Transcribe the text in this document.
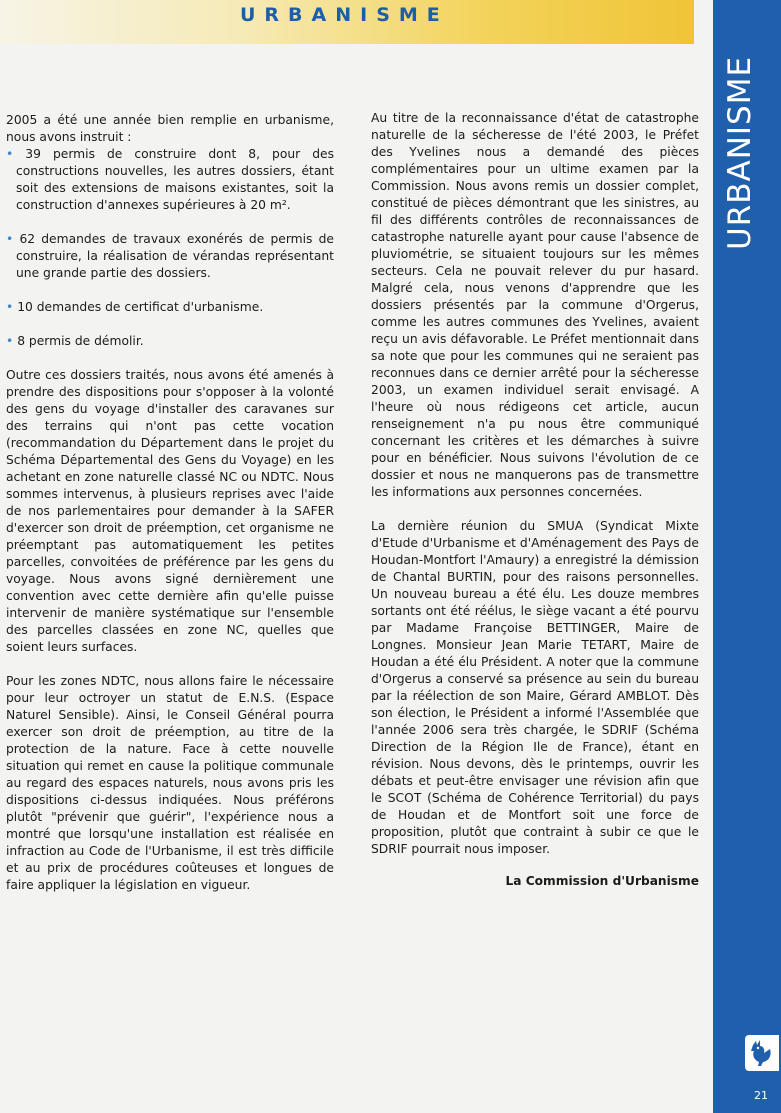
URBANISME
URBANISME
21

2005 a été une année bien remplie en urbanisme, nous avons instruit :

• 39 permis de construire dont 8, pour des constructions nouvelles, les autres dossiers, étant soit des extensions de maisons existantes, soit la construction d'annexes supérieures à 20 m².

• 62 demandes de travaux exonérés de permis de construire, la réalisation de vérandas représentant une grande partie des dossiers.

• 10 demandes de certificat d'urbanisme.

• 8 permis de démolir.

Outre ces dossiers traités, nous avons été amenés à prendre des dispositions pour s'opposer à la volonté des gens du voyage d'installer des caravanes sur des terrains qui n'ont pas cette vocation (recommandation du Département dans le projet du Schéma Départemental des Gens du Voyage) en les achetant en zone naturelle classé NC ou NDTC. Nous sommes intervenus, à plusieurs reprises avec l'aide de nos parlementaires pour demander à la SAFER d'exercer son droit de préemption, cet organisme ne préemptant pas automatiquement les petites parcelles, convoitées de préférence par les gens du voyage. Nous avons signé dernièrement une convention avec cette dernière afin qu'elle puisse intervenir de manière systématique sur l'ensemble des parcelles classées en zone NC, quelles que soient leurs surfaces.

Pour les zones NDTC, nous allons faire le nécessaire pour leur octroyer un statut de E.N.S. (Espace Naturel Sensible). Ainsi, le Conseil Général pourra exercer son droit de préemption, au titre de la protection de la nature. Face à cette nouvelle situation qui remet en cause la politique communale au regard des espaces naturels, nous avons pris les dispositions ci-dessus indiquées. Nous préférons plutôt "prévenir que guérir", l'expérience nous a montré que lorsqu'une installation est réalisée en infraction au Code de l'Urbanisme, il est très difficile et au prix de procédures coûteuses et longues de faire appliquer la législation en vigueur.

Au titre de la reconnaissance d'état de catastrophe naturelle de la sécheresse de l'été 2003, le Préfet des Yvelines nous a demandé des pièces complémentaires pour un ultime examen par la Commission. Nous avons remis un dossier complet, constitué de pièces démontrant que les sinistres, au fil des différents contrôles de reconnaissances de catastrophe naturelle ayant pour cause l'absence de pluviométrie, se situaient toujours sur les mêmes secteurs. Cela ne pouvait relever du pur hasard. Malgré cela, nous venons d'apprendre que les dossiers présentés par la commune d'Orgerus, comme les autres communes des Yvelines, avaient reçu un avis défavorable. Le Préfet mentionnait dans sa note que pour les communes qui ne seraient pas reconnues dans ce dernier arrêté pour la sécheresse 2003, un examen individuel serait envisagé. A l'heure où nous rédigeons cet article, aucun renseignement n'a pu nous être communiqué concernant les critères et les démarches à suivre pour en bénéficier. Nous suivons l'évolution de ce dossier et nous ne manquerons pas de transmettre les informations aux personnes concernées.

La dernière réunion du SMUA (Syndicat Mixte d'Etude d'Urbanisme et d'Aménagement des Pays de Houdan-Montfort l'Amaury) a enregistré la démission de Chantal BURTIN, pour des raisons personnelles. Un nouveau bureau a été élu. Les douze membres sortants ont été réélus, le siège vacant a été pourvu par Madame Françoise BETTINGER, Maire de Longnes. Monsieur Jean Marie TETART, Maire de Houdan a été élu Président. A noter que la commune d'Orgerus a conservé sa présence au sein du bureau par la réélection de son Maire, Gérard AMBLOT. Dès son élection, le Président a informé l'Assemblée que l'année 2006 sera très chargée, le SDRIF (Schéma Direction de la Région Ile de France), étant en révision. Nous devons, dès le printemps, ouvrir les débats et peut-être envisager une révision afin que le SCOT (Schéma de Cohérence Territorial) du pays de Houdan et de Montfort soit une force de proposition, plutôt que contraint à subir ce que le SDRIF pourrait nous imposer.

La Commission d'Urbanisme
